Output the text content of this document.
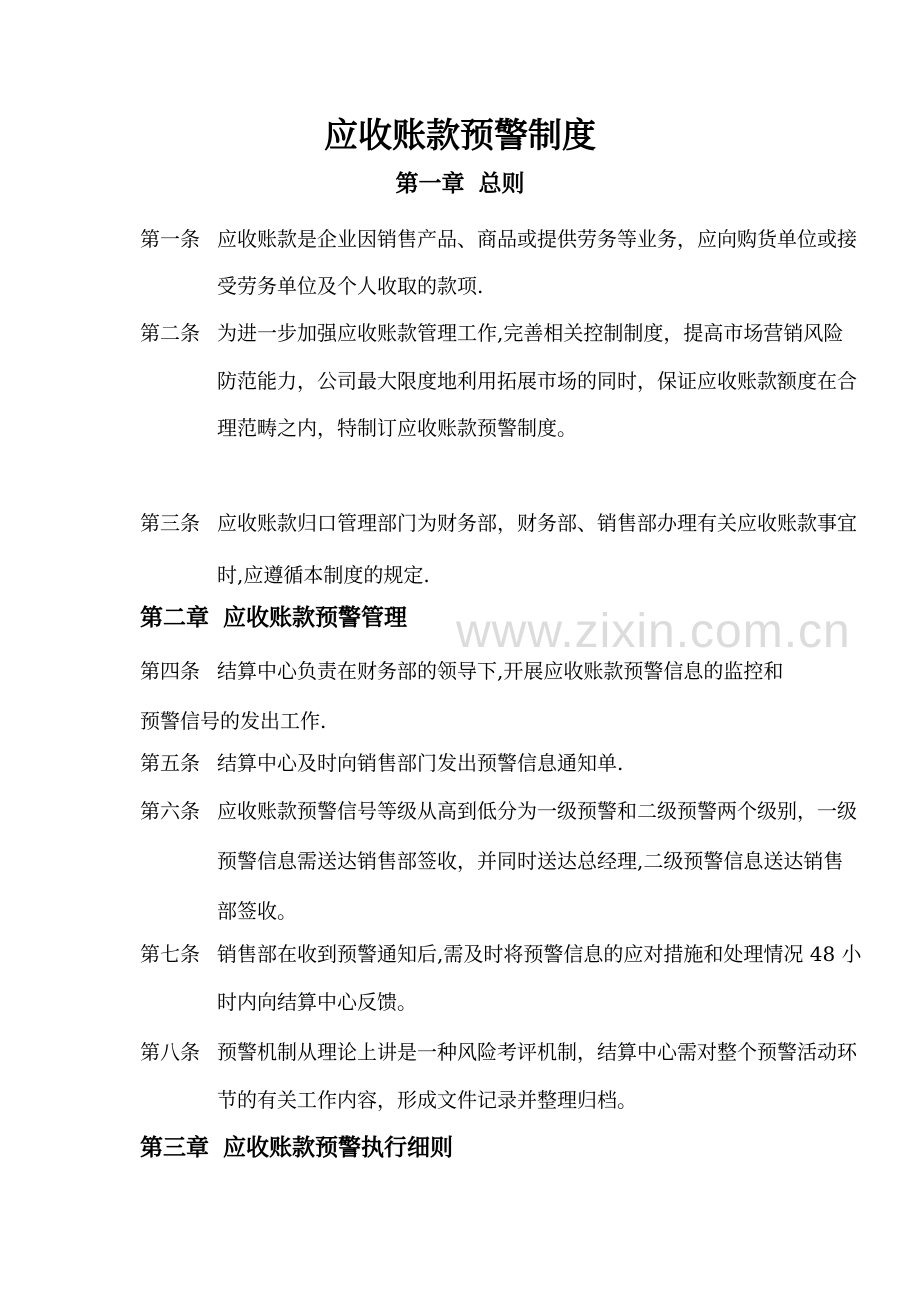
www.zixin.com.cn
应收账款预警制度
第一章 总则

第一条 应收账款是企业因销售产品、商品或提供劳务等业务，应向购货单位或接受劳务单位及个人收取的款项.

第二条 为进一步加强应收账款管理工作,完善相关控制制度，提高市场营销风险防范能力，公司最大限度地利用拓展市场的同时，保证应收账款额度在合理范畴之内，特制订应收账款预警制度。

第三条 应收账款归口管理部门为财务部，财务部、销售部办理有关应收账款事宜时,应遵循本制度的规定.

第二章 应收账款预警管理

第四条 结算中心负责在财务部的领导下,开展应收账款预警信息的监控和预警信号的发出工作.

第五条 结算中心及时向销售部门发出预警信息通知单.

第六条 应收账款预警信号等级从高到低分为一级预警和二级预警两个级别，一级预警信息需送达销售部签收，并同时送达总经理,二级预警信息送达销售部签收。

第七条 销售部在收到预警通知后,需及时将预警信息的应对措施和处理情况 48 小时内向结算中心反馈。

第八条 预警机制从理论上讲是一种风险考评机制，结算中心需对整个预警活动环节的有关工作内容，形成文件记录并整理归档。

第三章 应收账款预警执行细则
